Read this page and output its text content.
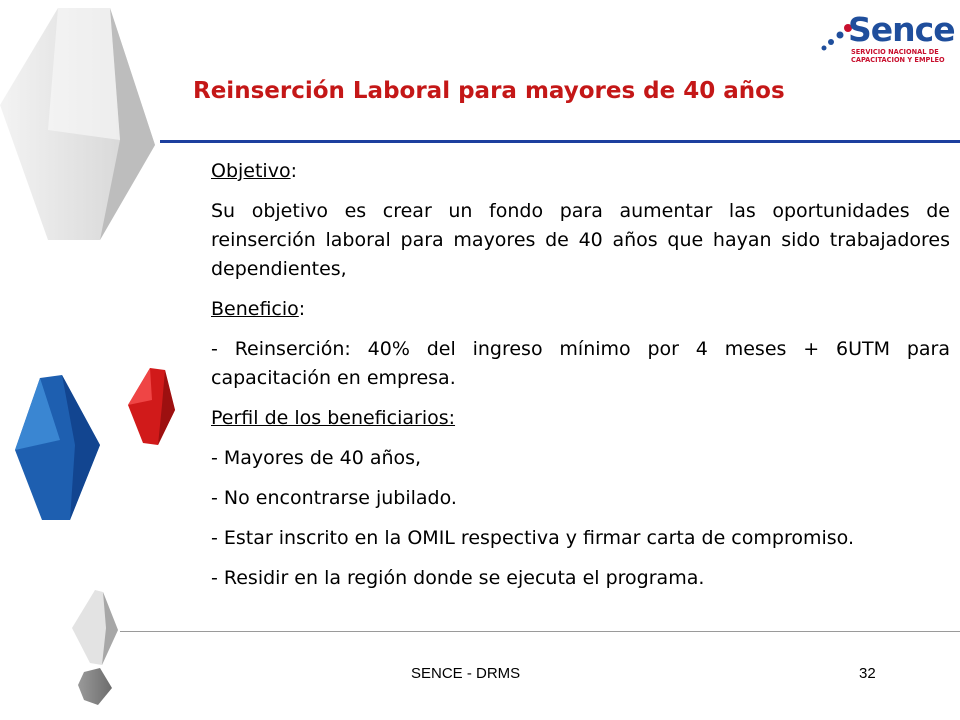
Sence
SERVICIO NACIONAL DE
CAPACITACION Y EMPLEO
Reinserción Laboral para mayores de 40 años

Objetivo:

Su objetivo es crear un fondo para aumentar las oportunidades de reinserción laboral para mayores de 40 años que hayan sido trabajadores dependientes,

Beneficio:

- Reinserción: 40% del ingreso mínimo por 4 meses + 6UTM para capacitación en empresa.

Perfil de los beneficiarios:

- Mayores de 40 años,

- No encontrarse jubilado.

- Estar inscrito en la OMIL respectiva y firmar carta de compromiso.

- Residir en la región donde se ejecuta el programa.

SENCE - DRMS	32
